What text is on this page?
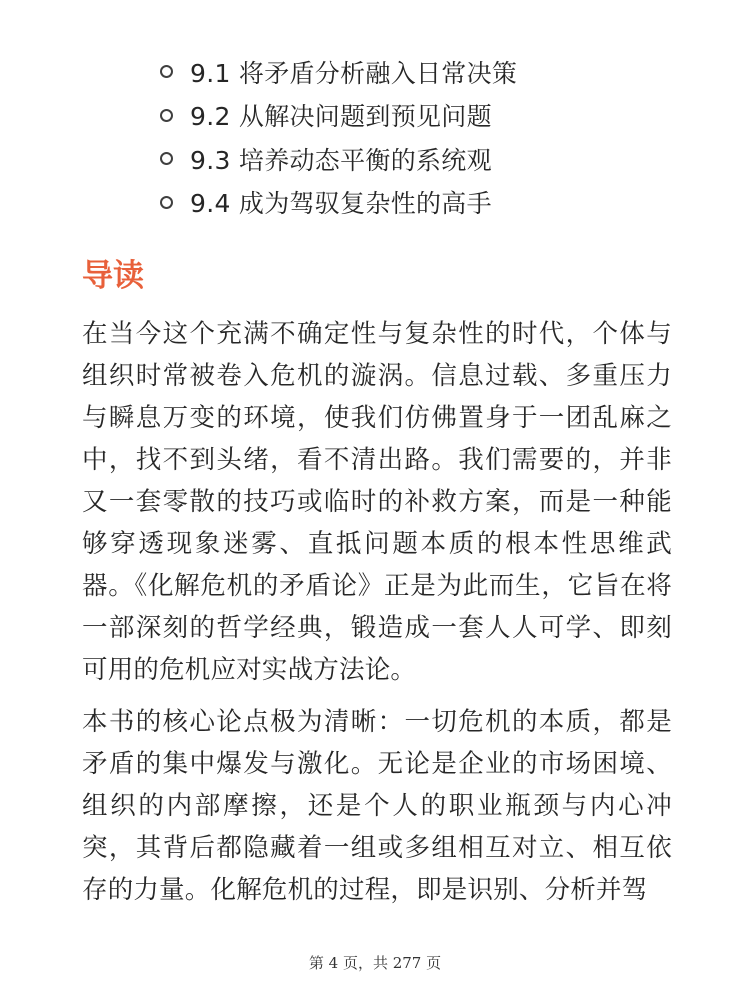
9.1 将矛盾分析融入日常决策
9.2 从解决问题到预见问题
9.3 培养动态平衡的系统观
9.4 成为驾驭复杂性的高手
导读

在当今这个充满不确定性与复杂性的时代，个体与组织时常被卷入危机的漩涡。信息过载、多重压力与瞬息万变的环境，使我们仿佛置身于一团乱麻之中，找不到头绪，看不清出路。我们需要的，并非又一套零散的技巧或临时的补救方案，而是一种能够穿透现象迷雾、直抵问题本质的根本性思维武器。《化解危机的矛盾论》正是为此而生，它旨在将一部深刻的哲学经典，锻造成一套人人可学、即刻可用的危机应对实战方法论。

本书的核心论点极为清晰：一切危机的本质，都是矛盾的集中爆发与激化。无论是企业的市场困境、组织的内部摩擦，还是个人的职业瓶颈与内心冲突，其背后都隐藏着一组或多组相互对立、相互依存的力量。化解危机的过程，即是识别、分析并驾

第 4 页，共 277 页
